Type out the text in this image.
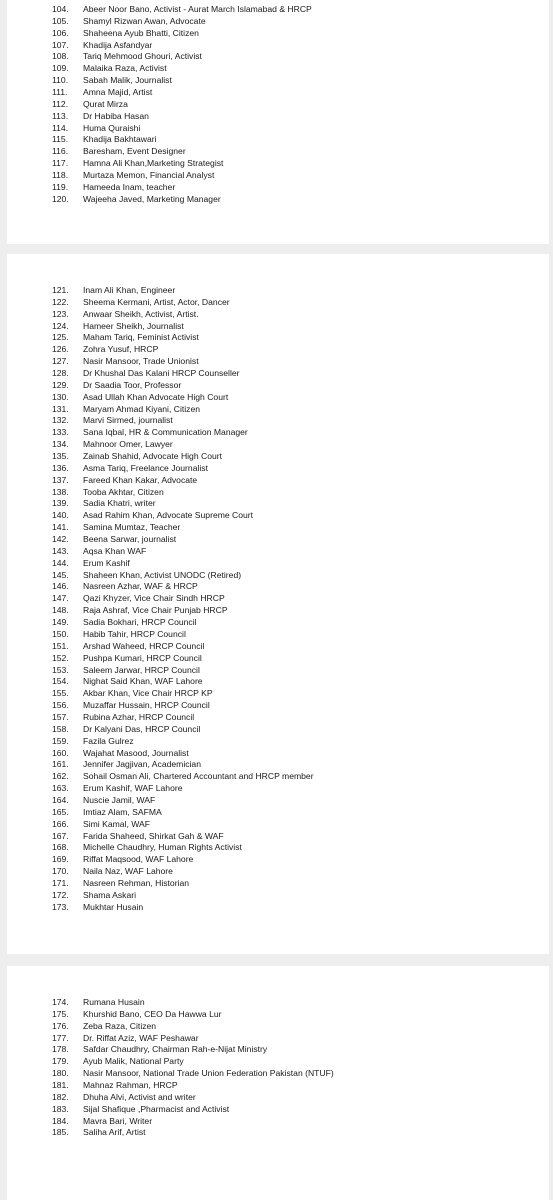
104. Abeer Noor Bano, Activist - Aurat March Islamabad & HRCP
105. Shamyl Rizwan Awan, Advocate
106. Shaheena Ayub Bhatti, Citizen
107. Khadija Asfandyar
108. Tariq Mehmood Ghouri, Activist
109. Malaika Raza, Activist
110. Sabah Malik, Journalist
111. Amna Majid, Artist
112. Qurat Mirza
113. Dr Habiba Hasan
114. Huma Quraishi
115. Khadija Bakhtawari
116. Baresham, Event Designer
117. Hamna Ali Khan,Marketing Strategist
118. Murtaza Memon, Financial Analyst
119. Hameeda Inam, teacher
120. Wajeeha Javed, Marketing Manager
121. Inam Ali Khan, Engineer
122. Sheema Kermani, Artist, Actor, Dancer
123. Anwaar Sheikh, Activist, Artist.
124. Hameer Sheikh, Journalist
125. Maham Tariq, Feminist Activist
126. Zohra Yusuf, HRCP
127. Nasir Mansoor, Trade Unionist
128. Dr Khushal Das Kalani HRCP Counseller
129. Dr Saadia Toor, Professor
130. Asad Ullah Khan Advocate High Court
131. Maryam Ahmad Kiyani, Citizen
132. Marvi Sirmed, journalist
133. Sana Iqbal, HR & Communication Manager
134. Mahnoor Omer, Lawyer
135. Zainab Shahid, Advocate High Court
136. Asma Tariq, Freelance Journalist
137. Fareed Khan Kakar, Advocate
138. Tooba Akhtar, Citizen
139. Sadia Khatri, writer
140. Asad Rahim Khan, Advocate Supreme Court
141. Samina Mumtaz, Teacher
142. Beena Sarwar, journalist
143. Aqsa Khan WAF
144. Erum Kashif
145. Shaheen Khan, Activist UNODC (Retired)
146. Nasreen Azhar, WAF & HRCP
147. Qazi Khyzer, Vice Chair Sindh HRCP
148. Raja Ashraf, Vice Chair Punjab HRCP
149. Sadia Bokhari, HRCP Council
150. Habib Tahir, HRCP Council
151. Arshad Waheed, HRCP Council
152. Pushpa Kumari, HRCP Council
153. Saleem Jarwar, HRCP Council
154. Nighat Said Khan, WAF Lahore
155. Akbar Khan, Vice Chair HRCP KP
156. Muzaffar Hussain, HRCP Council
157. Rubina Azhar, HRCP Council
158. Dr Kalyani Das, HRCP Council
159. Fazila Gulrez
160. Wajahat Masood, Journalist
161. Jennifer Jagjivan, Academician
162. Sohail Osman Ali, Chartered Accountant and HRCP member
163. Erum Kashif, WAF Lahore
164. Nuscie Jamil, WAF
165. Imtiaz Alam, SAFMA
166. Simi Kamal, WAF
167. Farida Shaheed, Shirkat Gah & WAF
168. Michelle Chaudhry, Human Rights Activist
169. Riffat Maqsood, WAF Lahore
170. Naila Naz, WAF Lahore
171. Nasreen Rehman, Historian
172. Shama Askari
173. Mukhtar Husain
174. Rumana Husain
175. Khurshid Bano, CEO Da Hawwa Lur
176. Zeba Raza, Citizen
177. Dr. Riffat Aziz, WAF Peshawar
178. Safdar Chaudhry, Chairman Rah-e-Nijat Ministry
179. Ayub Malik, National Party
180. Nasir Mansoor, National Trade Union Federation Pakistan (NTUF)
181. Mahnaz Rahman, HRCP
182. Dhuha Alvi, Activist and writer
183. Sijal Shafique ,Pharmacist and Activist
184. Mavra Bari, Writer
185. Saliha Arif, Artist
